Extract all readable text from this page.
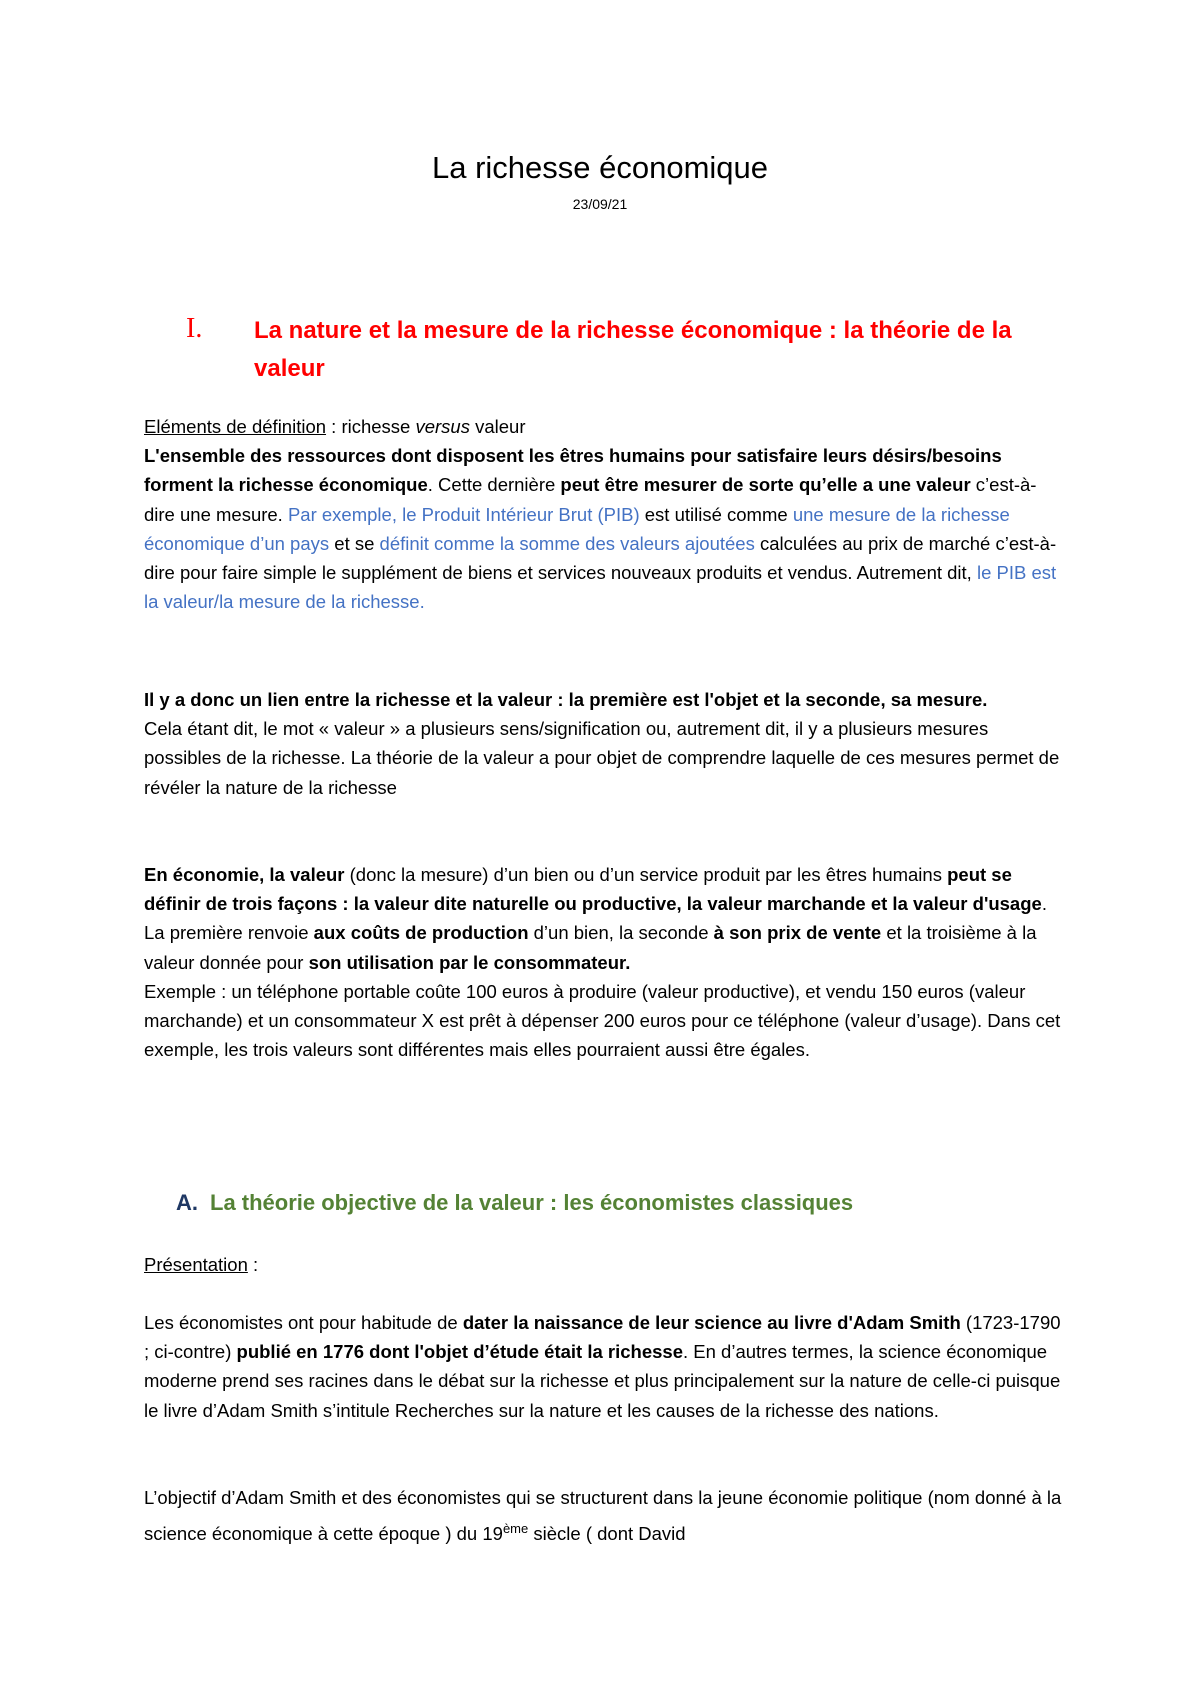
La richesse économique
23/09/21
I. La nature et la mesure de la richesse économique : la théorie de la valeur
Eléments de définition : richesse versus valeur
L'ensemble des ressources dont disposent les êtres humains pour satisfaire leurs désirs/besoins forment la richesse économique. Cette dernière peut être mesurer de sorte qu’elle a une valeur c’est-à-dire une mesure. Par exemple, le Produit Intérieur Brut (PIB) est utilisé comme une mesure de la richesse économique d’un pays et se définit comme la somme des valeurs ajoutées calculées au prix de marché c’est-à-dire pour faire simple le supplément de biens et services nouveaux produits et vendus. Autrement dit, le PIB est la valeur/la mesure de la richesse.
Il y a donc un lien entre la richesse et la valeur : la première est l'objet et la seconde, sa mesure.
Cela étant dit, le mot « valeur » a plusieurs sens/signification ou, autrement dit, il y a plusieurs mesures possibles de la richesse. La théorie de la valeur a pour objet de comprendre laquelle de ces mesures permet de révéler la nature de la richesse
En économie, la valeur (donc la mesure) d’un bien ou d’un service produit par les êtres humains peut se définir de trois façons : la valeur dite naturelle ou productive, la valeur marchande et la valeur d'usage. La première renvoie aux coûts de production d’un bien, la seconde à son prix de vente et la troisième à la valeur donnée pour son utilisation par le consommateur.
Exemple : un téléphone portable coûte 100 euros à produire (valeur productive), et vendu 150 euros (valeur marchande) et un consommateur X est prêt à dépenser 200 euros pour ce téléphone (valeur d’usage). Dans cet exemple, les trois valeurs sont différentes mais elles pourraient aussi être égales.
A. La théorie objective de la valeur : les économistes classiques
Présentation :
Les économistes ont pour habitude de dater la naissance de leur science au livre d'Adam Smith (1723-1790 ; ci-contre) publié en 1776 dont l'objet d’étude était la richesse. En d’autres termes, la science économique moderne prend ses racines dans le débat sur la richesse et plus principalement sur la nature de celle-ci puisque le livre d’Adam Smith s’intitule Recherches sur la nature et les causes de la richesse des nations.
L’objectif d’Adam Smith et des économistes qui se structurent dans la jeune économie politique (nom donné à la science économique à cette époque ) du 19ème siècle ( dont David
